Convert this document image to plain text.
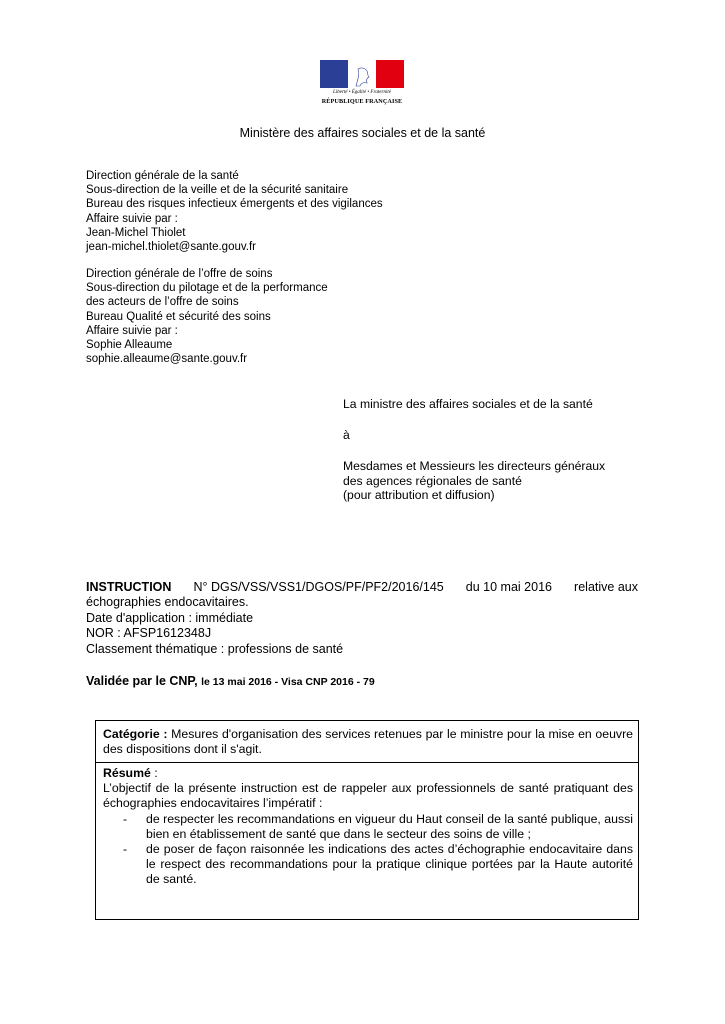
Liberté • Égalité • Fraternité
RÉPUBLIQUE FRANÇAISE
Ministère des affaires sociales et de la santé
Direction générale de la santé
Sous-direction de la veille et de la sécurité sanitaire
Bureau des risques infectieux émergents et des vigilances
Affaire suivie par :
Jean-Michel Thiolet
jean-michel.thiolet@sante.gouv.fr
Direction générale de l’offre de soins
Sous-direction du pilotage et de la performance
des acteurs de l’offre de soins
Bureau Qualité et sécurité des soins
Affaire suivie par :
Sophie Alleaume
sophie.alleaume@sante.gouv.fr
La ministre des affaires sociales et de la santé
à
Mesdames et Messieurs les directeurs généraux
des agences régionales de santé
(pour attribution et diffusion)
INSTRUCTION N° DGS/VSS/VSS1/DGOS/PF/PF2/2016/145 du 10 mai 2016 relative aux
échographies endocavitaires.
Date d'application : immédiate
NOR : AFSP1612348J
Classement thématique : professions de santé
Validée par le CNP, le 13 mai 2016 - Visa CNP 2016 - 79
Catégorie : Mesures d'organisation des services retenues par le ministre pour la mise en oeuvre des dispositions dont il s'agit.
Résumé :
L’objectif de la présente instruction est de rappeler aux professionnels de santé pratiquant des échographies endocavitaires l’impératif :
- de respecter les recommandations en vigueur du Haut conseil de la santé publique, aussi bien en établissement de santé que dans le secteur des soins de ville ;
- de poser de façon raisonnée les indications des actes d’échographie endocavitaire dans le respect des recommandations pour la pratique clinique portées par la Haute autorité de santé.
